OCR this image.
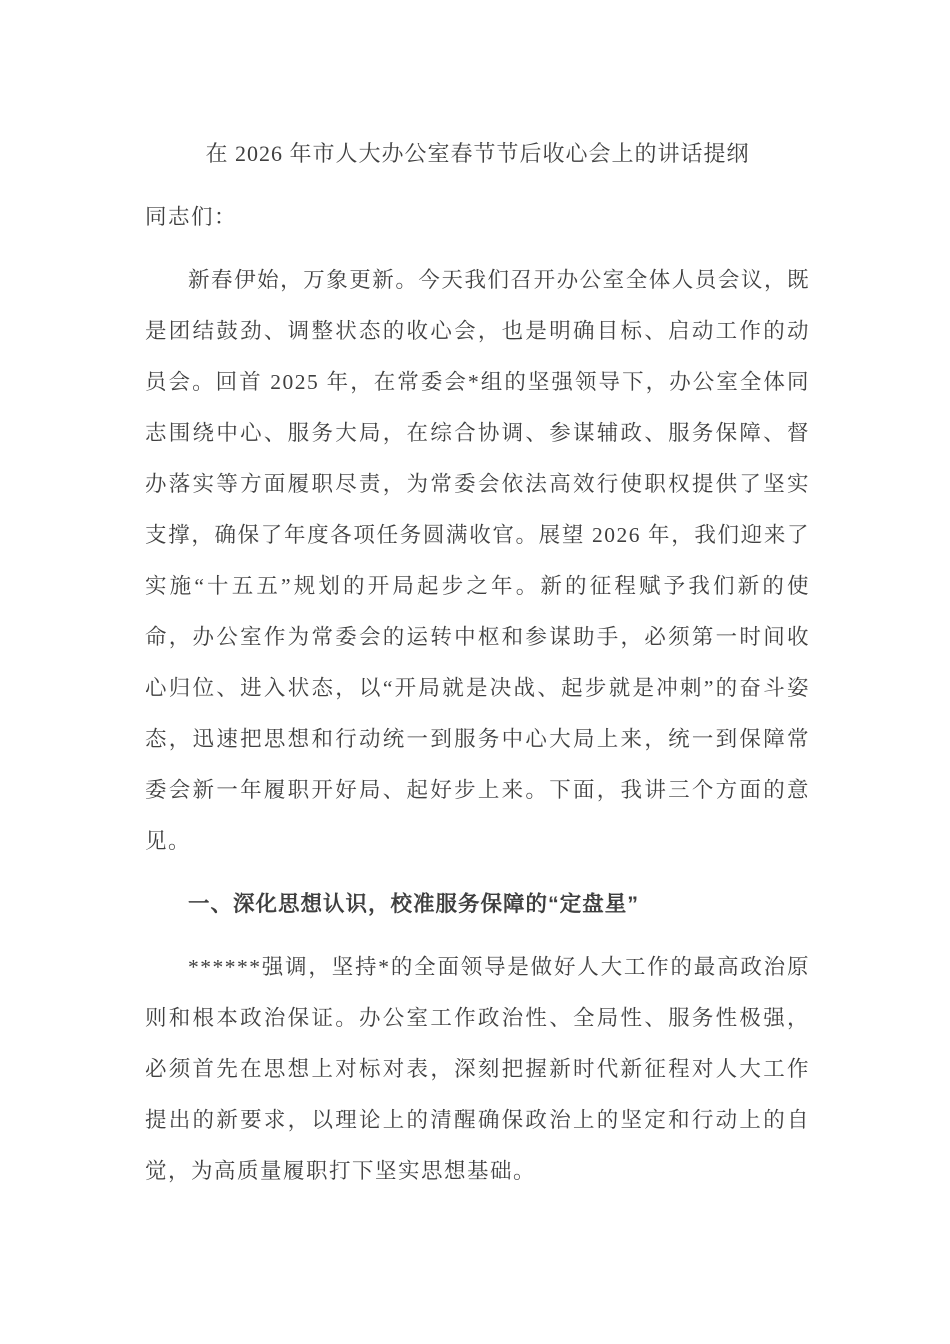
在 2026 年市人大办公室春节节后收心会上的讲话提纲

同志们：

新春伊始，万象更新。今天我们召开办公室全体人员会议，既是团结鼓劲、调整状态的收心会，也是明确目标、启动工作的动员会。回首 2025 年，在常委会*组的坚强领导下，办公室全体同志围绕中心、服务大局，在综合协调、参谋辅政、服务保障、督办落实等方面履职尽责，为常委会依法高效行使职权提供了坚实支撑，确保了年度各项任务圆满收官。展望 2026 年，我们迎来了实施“十五五”规划的开局起步之年。新的征程赋予我们新的使命，办公室作为常委会的运转中枢和参谋助手，必须第一时间收心归位、进入状态，以“开局就是决战、起步就是冲刺”的奋斗姿态，迅速把思想和行动统一到服务中心大局上来，统一到保障常委会新一年履职开好局、起好步上来。下面，我讲三个方面的意见。

一、深化思想认识，校准服务保障的“定盘星”

******强调，坚持*的全面领导是做好人大工作的最高政治原则和根本政治保证。办公室工作政治性、全局性、服务性极强，必须首先在思想上对标对表，深刻把握新时代新征程对人大工作提出的新要求，以理论上的清醒确保政治上的坚定和行动上的自觉，为高质量履职打下坚实思想基础。
